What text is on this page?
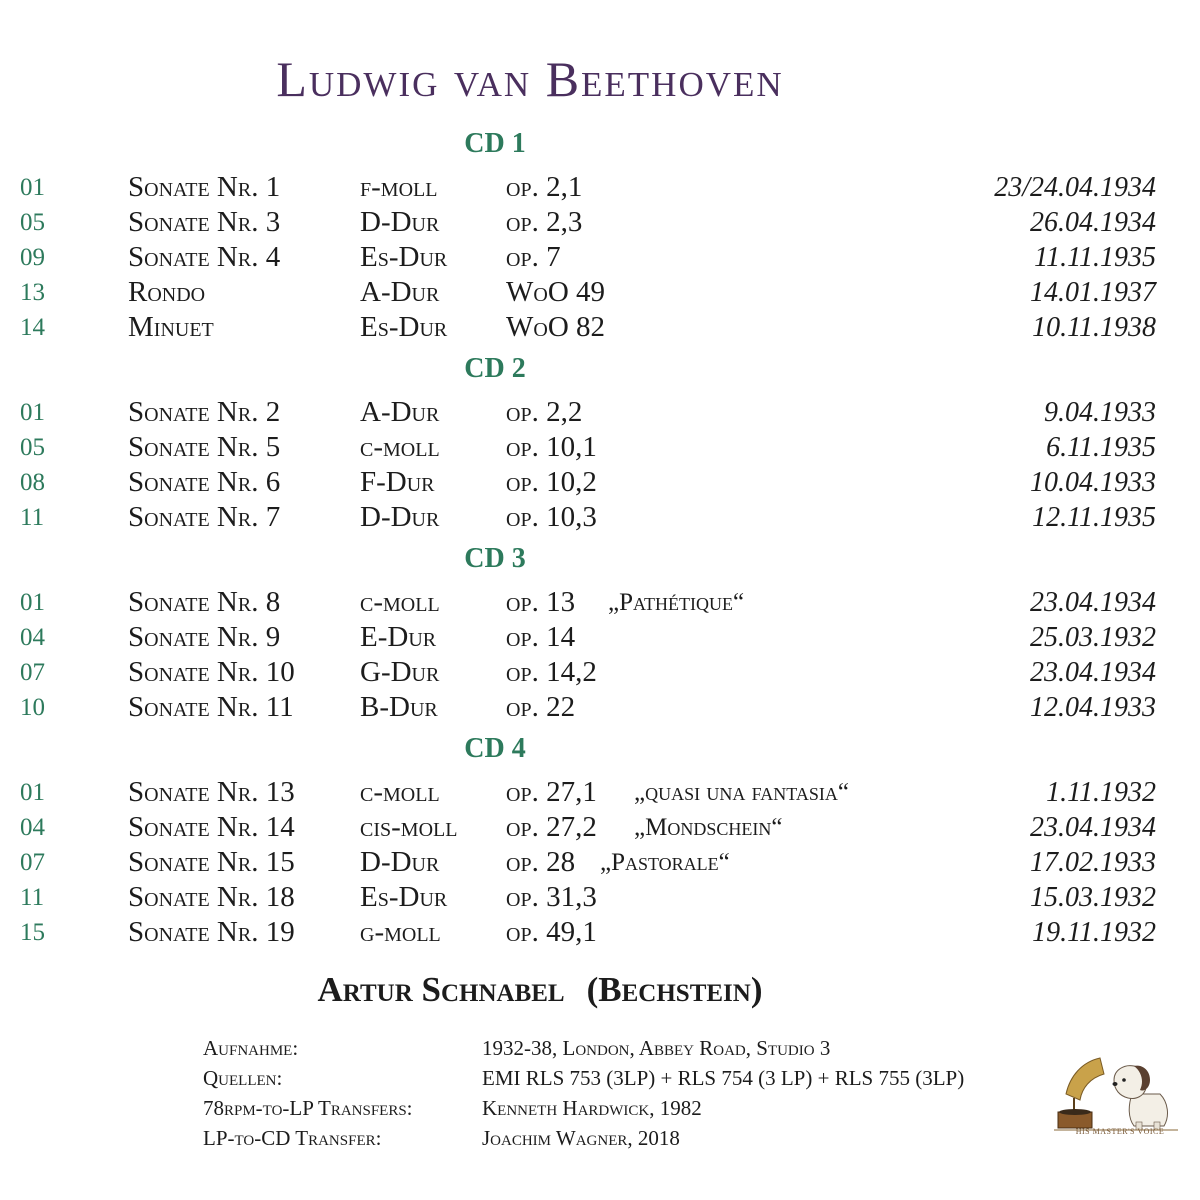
Ludwig van Beethoven
CD 1
01	Sonate Nr. 1	f-moll op. 2,1	23/24.04.1934
05	Sonate Nr. 3	D-Dur op. 2,3	26.04.1934
09	Sonate Nr. 4	Es-Dur op. 7	11.11.1935
13	Rondo	A-Dur WoO 49	14.01.1937
14	Minuet	Es-Dur WoO 82	10.11.1938
CD 2
01	Sonate Nr. 2	A-Dur op. 2,2	9.04.1933
05	Sonate Nr. 5	c-moll op. 10,1	6.11.1935
08	Sonate Nr. 6	F-Dur op. 10,2	10.04.1933
11	Sonate Nr. 7	D-Dur op. 10,3	12.11.1935
CD 3
01	Sonate Nr. 8	c-moll op. 13 „Pathétique“	23.04.1934
04	Sonate Nr. 9	E-Dur op. 14	25.03.1932
07	Sonate Nr. 10 G-Dur op. 14,2	23.04.1934
10	Sonate Nr. 11 B-Dur op. 22	12.04.1933
CD 4
01	Sonate Nr. 13 c-moll op. 27,1 „quasi una fantasia“	1.11.1932
04	Sonate Nr. 14 cis-moll op. 27,2 „Mondschein“	23.04.1934
07	Sonate Nr. 15 D-Dur op. 28 „Pastorale“	17.02.1933
11	Sonate Nr. 18 Es-Dur op. 31,3	15.03.1932
15	Sonate Nr. 19 g-moll op. 49,1	19.11.1932
Artur Schnabel (Bechstein)
Aufnahme:	1932-38, London, Abbey Road, Studio 3
Quellen:	EMI RLS 753 (3LP) + RLS 754 (3 LP) + RLS 755 (3LP)
78rpm-to-LP Transfers:	Kenneth Hardwick, 1982
LP-to-CD Transfer:	Joachim Wagner, 2018	HIS MASTER'S VOICE
